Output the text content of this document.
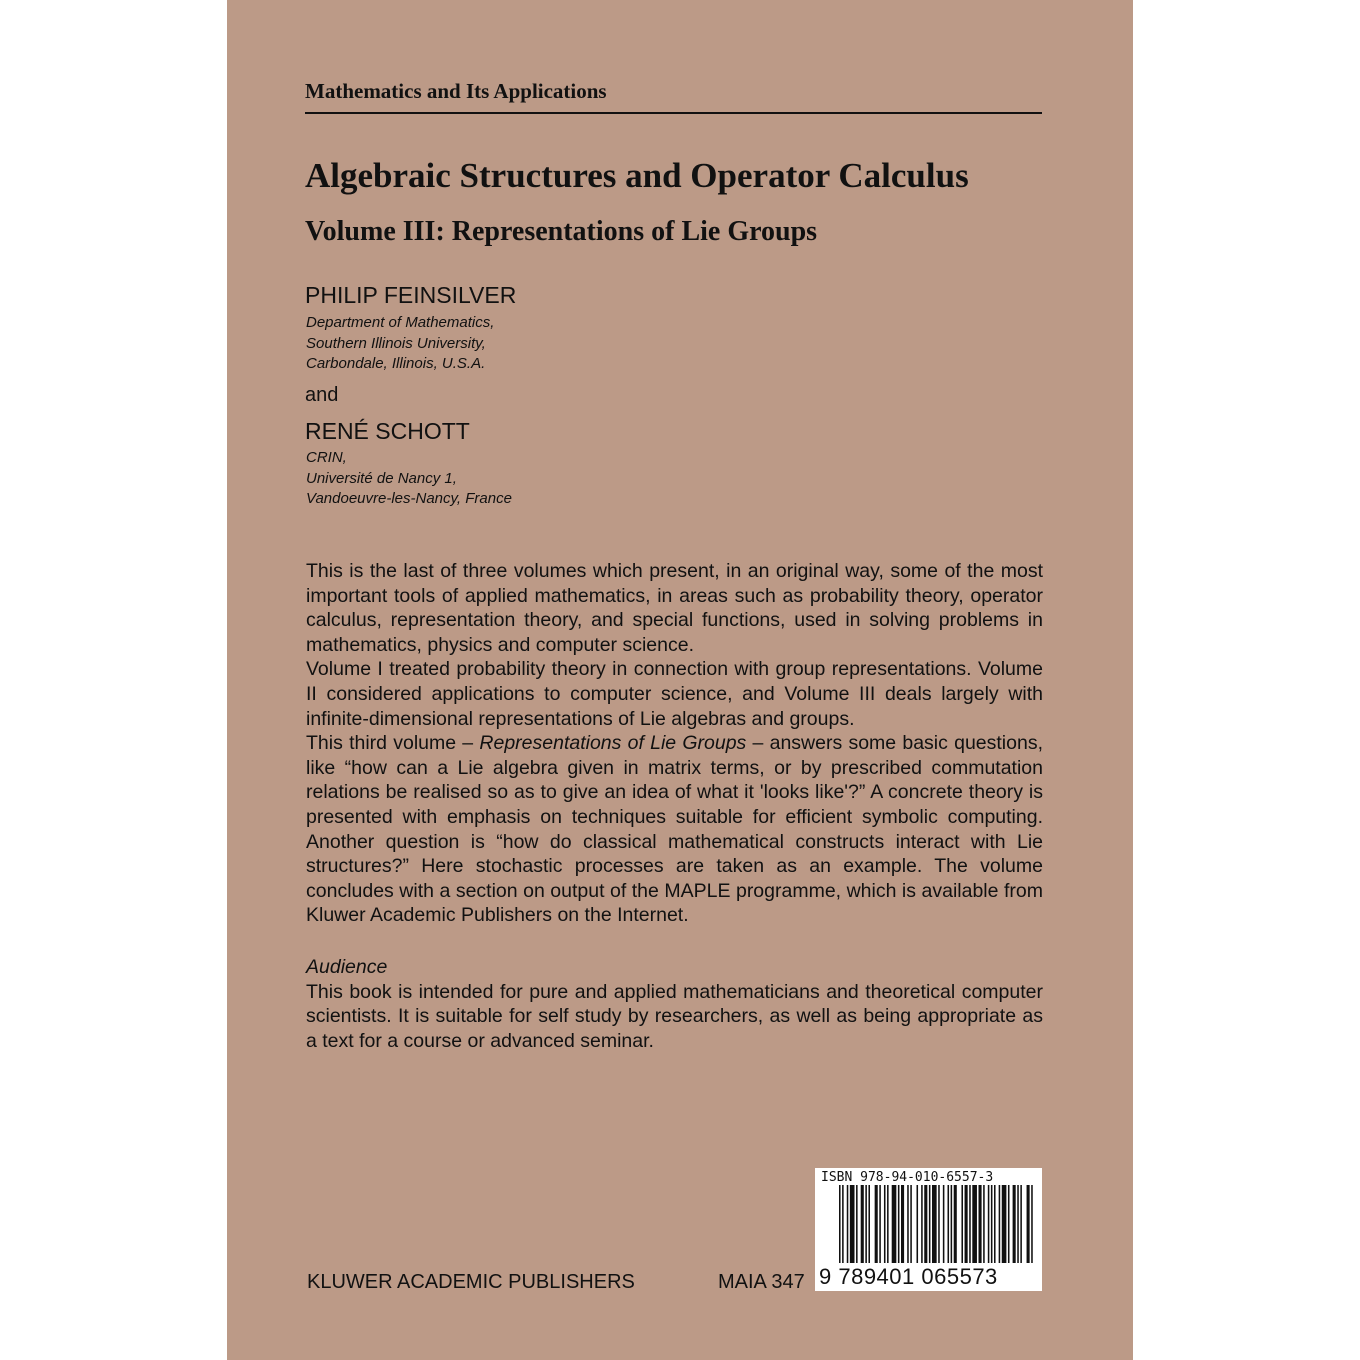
Mathematics and Its Applications
Algebraic Structures and Operator Calculus
Volume III: Representations of Lie Groups
PHILIP FEINSILVER
Department of Mathematics,
Southern Illinois University,
Carbondale, Illinois, U.S.A.
and
RENÉ SCHOTT
CRIN,
Université de Nancy 1,
Vandoeuvre-les-Nancy, France

This is the last of three volumes which present, in an original way, some of the most important tools of applied mathematics, in areas such as probability theory, operator calculus, representation theory, and special functions, used in solving problems in mathematics, physics and computer science.

Volume I treated probability theory in connection with group representations. Volume II considered applications to computer science, and Volume III deals largely with infinite-dimensional representations of Lie algebras and groups.

This third volume – Representations of Lie Groups – answers some basic questions, like “how can a Lie algebra given in matrix terms, or by prescribed commutation relations be realised so as to give an idea of what it 'looks like'?” A concrete theory is presented with emphasis on techniques suitable for efficient symbolic computing. Another question is “how do classical mathematical constructs interact with Lie structures?” Here stochastic processes are taken as an example. The volume concludes with a section on output of the MAPLE programme, which is available from Kluwer Academic Publishers on the Internet.

Audience

This book is intended for pure and applied mathematicians and theoretical computer scientists. It is suitable for self study by researchers, as well as being appropriate as a text for a course or advanced seminar.

KLUWER ACADEMIC PUBLISHERS	MAIA 347
ISBN 978-94-010-6557-3
9 789401 065573
